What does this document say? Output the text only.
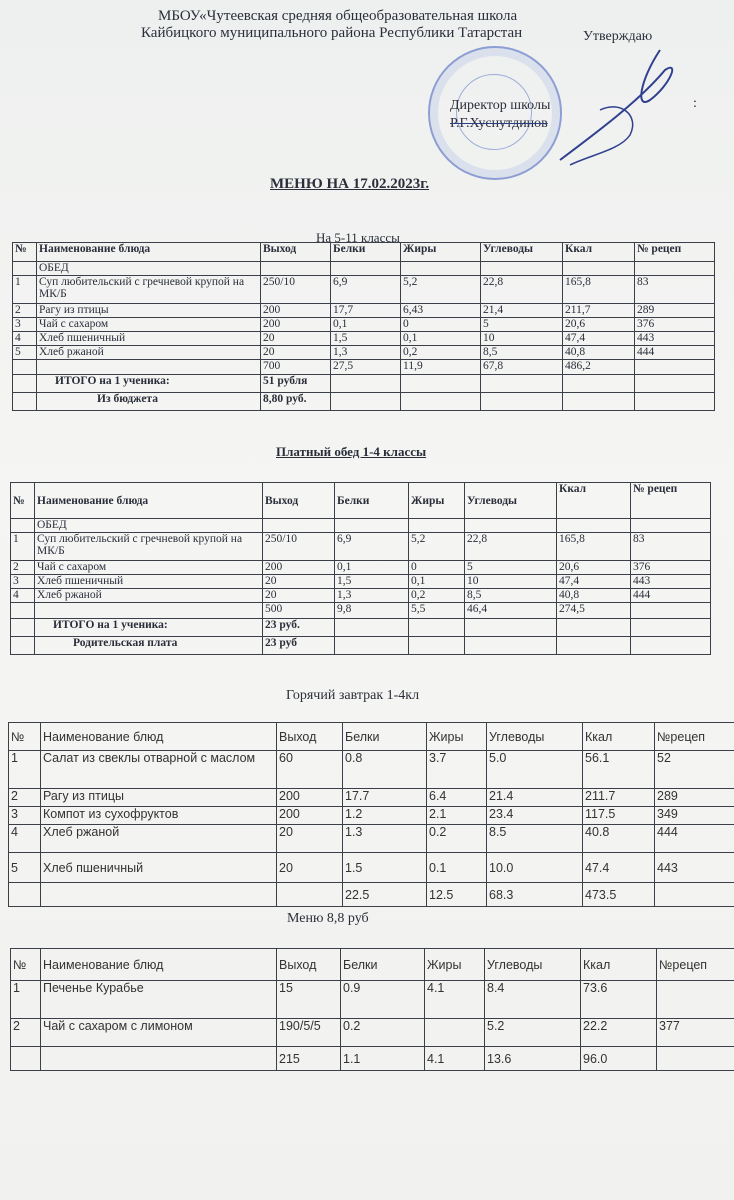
МБОУ«Чутеевская средняя общеобразовательная школа
Кайбицкого муниципального района Республики Татарстан	Утверждаю
Директор школы
Р.Г.Хуснутдинов
:
МЕНЮ НА 17.02.2023г.
На 5-11 классы
№	Наименование блюда	Выход	Белки	Жиры	Углеводы	Ккал	№ рецеп
	ОБЕД						
1	Суп любительский с гречневой крупой на МК/Б	250/10	6,9	5,2	22,8	165,8	83
2	Рагу из птицы	200	17,7	6,43	21,4	211,7	289
3	Чай с сахаром	200	0,1	0	5	20,6	376
4	Хлеб пшеничный	20	1,5	0,1	10	47,4	443
5	Хлеб ржаной	20	1,3	0,2	8,5	40,8	444
		700	27,5	11,9	67,8	486,2	
	ИТОГО на 1 ученика:	51 рубля					
	Из бюджета	8,80 руб.					
Платный обед 1-4 классы
№	Наименование блюда	Выход	Белки	Жиры	Углеводы	Ккал	№ рецеп
	ОБЕД						
1	Суп любительский с гречневой крупой на МК/Б	250/10	6,9	5,2	22,8	165,8	83
2	Чай с сахаром	200	0,1	0	5	20,6	376
3	Хлеб пшеничный	20	1,5	0,1	10	47,4	443
4	Хлеб ржаной	20	1,3	0,2	8,5	40,8	444
		500	9,8	5,5	46,4	274,5	
	ИТОГО на 1 ученика:	23 руб.					
	Родительская плата	23 руб					
Горячий завтрак 1-4кл
№	Наименование блюд	Выход	Белки	Жиры	Углеводы	Ккал	№рецеп
1	Салат из свеклы отварной с маслом	60	0.8	3.7	5.0	56.1	52
2	Рагу из птицы	200	17.7	6.4	21.4	211.7	289
3	Компот из сухофруктов	200	1.2	2.1	23.4	117.5	349
4	Хлеб ржаной	20	1.3	0.2	8.5	40.8	444
5	Хлеб пшеничный	20	1.5	0.1	10.0	47.4	443
			22.5	12.5	68.3	473.5	
Меню 8,8 руб
№	Наименование блюд	Выход	Белки	Жиры	Углеводы	Ккал	№рецеп
1	Печенье Курабье	15	0.9	4.1	8.4	73.6	
2	Чай с сахаром с лимоном	190/5/5	0.2		5.2	22.2	377
		215	1.1	4.1	13.6	96.0	
